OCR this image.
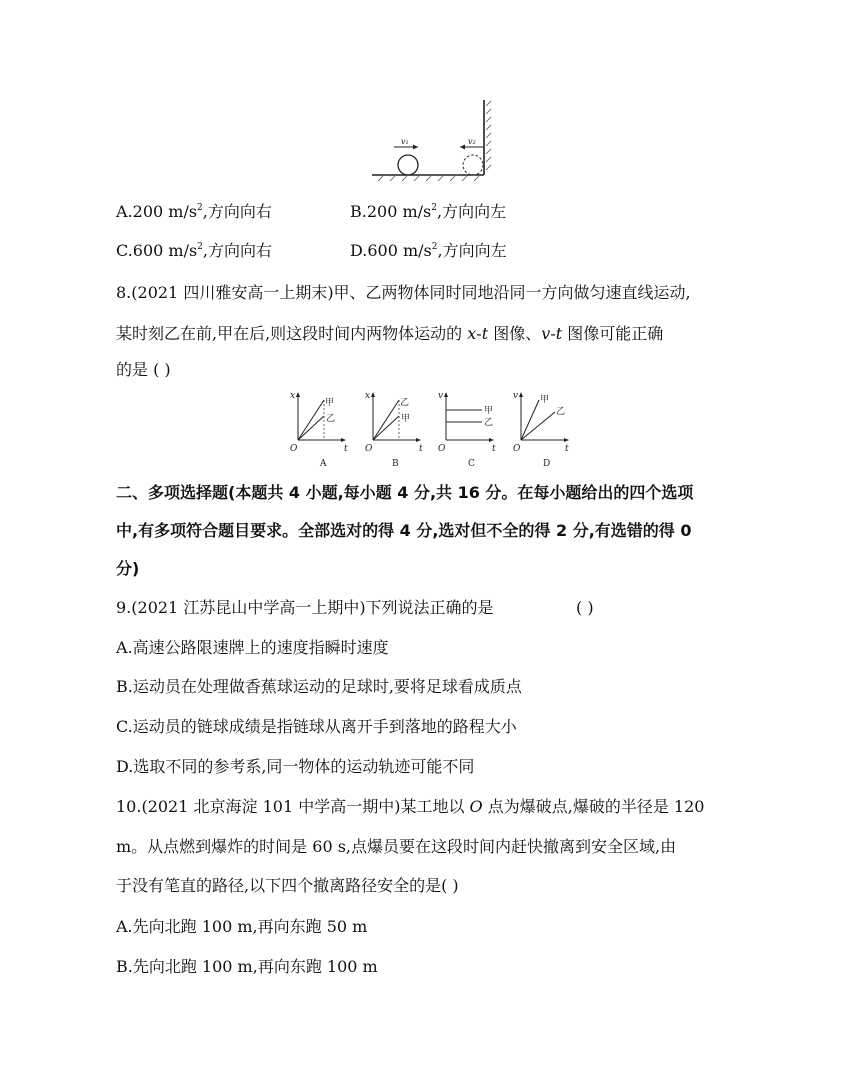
v₁	v₂
A.200 $m/s^2$,方向向右	B.200 $m/s^2$,方向向左
C.600 $m/s^2$,方向向右	D.600 $m/s^2$,方向向左
8.(2021 四川雅安高一上期末)甲、乙两物体同时同地沿同一方向做匀速直线运动,
某时刻乙在前,甲在后,则这段时间内两物体运动的 x-t 图像、v-t 图像可能正确
的是 ( )
x
O	t
甲
乙
A
x
O	t
乙
甲
B
v
O	t
甲
乙
C
v
O	t
甲
乙
D
二、多项选择题(本题共 4 小题,每小题 4 分,共 16 分。在每小题给出的四个选项
中,有多项符合题目要求。全部选对的得 4 分,选对但不全的得 2 分,有选错的得 0
分)
9.(2021 江苏昆山中学高一上期中)下列说法正确的是	( )
A.高速公路限速牌上的速度指瞬时速度
B.运动员在处理做香蕉球运动的足球时,要将足球看成质点
C.运动员的链球成绩是指链球从离开手到落地的路程大小
D.选取不同的参考系,同一物体的运动轨迹可能不同
10.(2021 北京海淀 101 中学高一期中)某工地以 O 点为爆破点,爆破的半径是 120
m。从点燃到爆炸的时间是 60 s,点爆员要在这段时间内赶快撤离到安全区域,由
于没有笔直的路径,以下四个撤离路径安全的是( )
A.先向北跑 100 m,再向东跑 50 m
B.先向北跑 100 m,再向东跑 100 m
